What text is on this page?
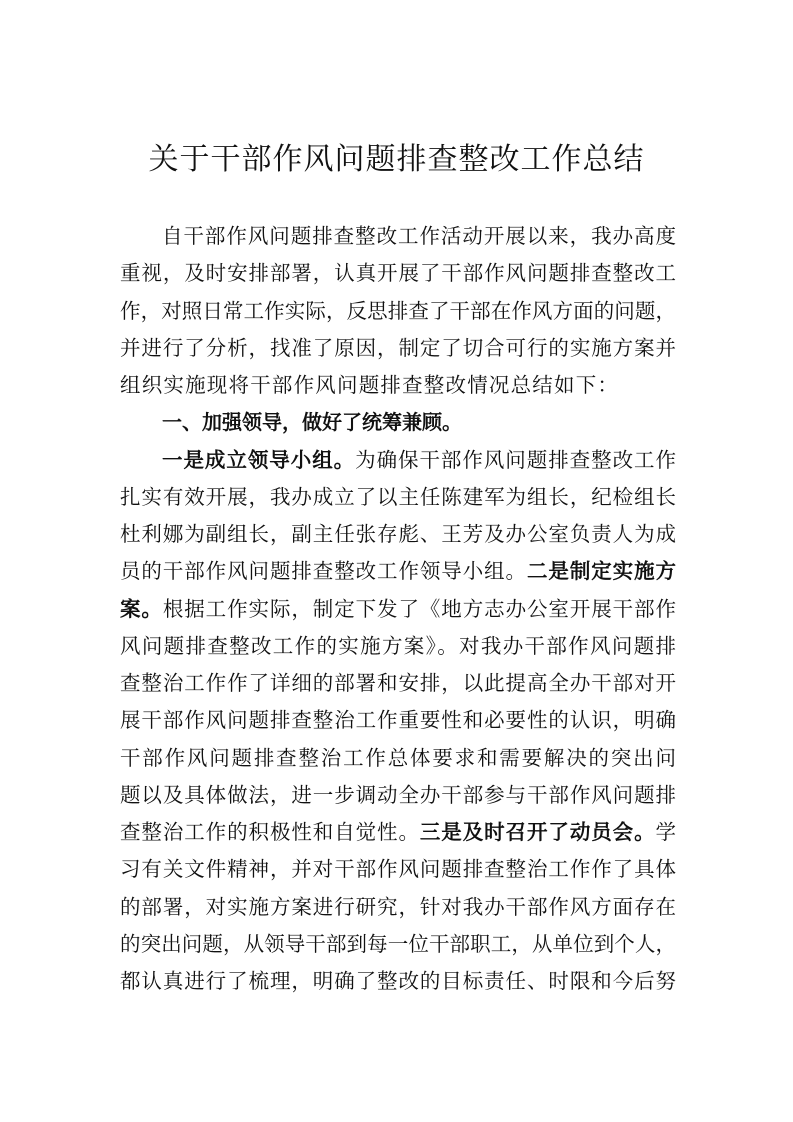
关于干部作风问题排查整改工作总结
自干部作风问题排查整改工作活动开展以来，我办高度
重视，及时安排部署，认真开展了干部作风问题排查整改工
作，对照日常工作实际，反思排查了干部在作风方面的问题，
并进行了分析，找准了原因，制定了切合可行的实施方案并
组织实施现将干部作风问题排查整改情况总结如下：
一、加强领导，做好了统筹兼顾。
一是成立领导小组。为确保干部作风问题排查整改工作
扎实有效开展，我办成立了以主任陈建军为组长，纪检组长
杜利娜为副组长，副主任张存彪、王芳及办公室负责人为成
员的干部作风问题排查整改工作领导小组。二是制定实施方
案。根据工作实际，制定下发了《地方志办公室开展干部作
风问题排查整改工作的实施方案》。对我办干部作风问题排
查整治工作作了详细的部署和安排，以此提高全办干部对开
展干部作风问题排查整治工作重要性和必要性的认识，明确
干部作风问题排查整治工作总体要求和需要解决的突出问
题以及具体做法，进一步调动全办干部参与干部作风问题排
查整治工作的积极性和自觉性。三是及时召开了动员会。学
习有关文件精神，并对干部作风问题排查整治工作作了具体
的部署，对实施方案进行研究，针对我办干部作风方面存在
的突出问题，从领导干部到每一位干部职工，从单位到个人，
都认真进行了梳理，明确了整改的目标责任、时限和今后努
